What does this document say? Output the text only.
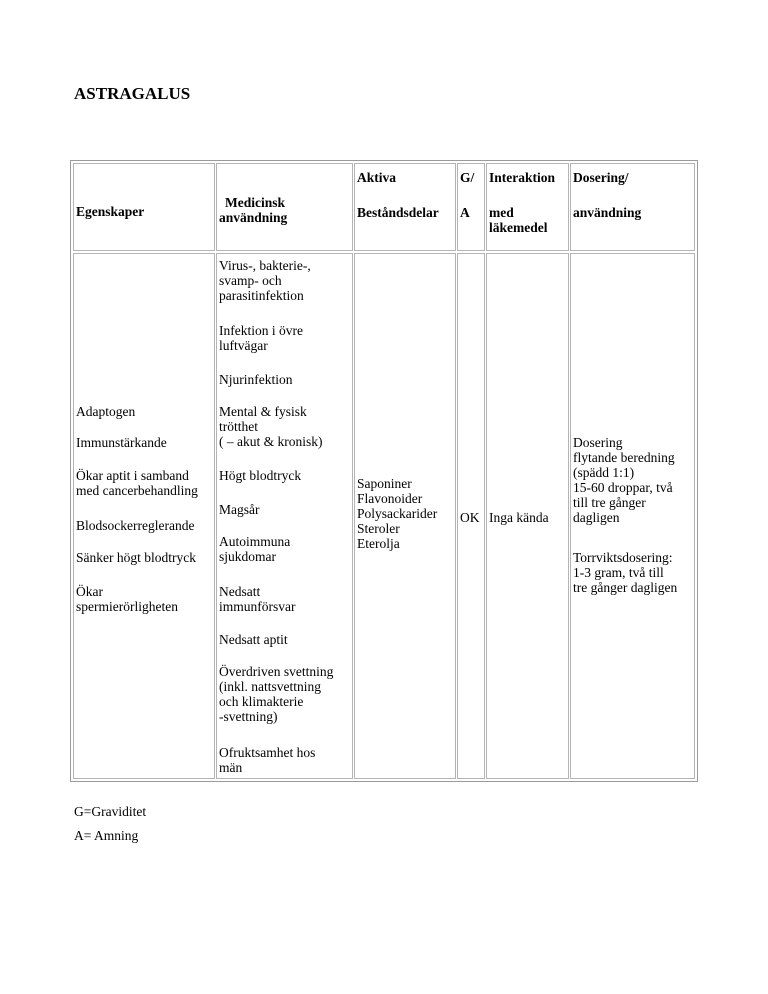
ASTRAGALUS
Egenskaper
Medicinsk
användning
Aktiva
Beståndsdelar
G/
A
Interaktion
med
läkemedel
Dosering/
användning
Adaptogen
Immunstärkande
Ökar aptit i samband
med cancerbehandling
Blodsockerreglerande
Sänker högt blodtryck
Ökar
spermierörligheten
Virus-, bakterie-,
svamp- och
parasitinfektion
Infektion i övre
luftvägar
Njurinfektion
Mental & fysisk
trötthet
( – akut & kronisk)
Högt blodtryck
Magsår
Autoimmuna
sjukdomar
Nedsatt
immunförsvar
Nedsatt aptit
Överdriven svettning
(inkl. nattsvettning
och klimakterie
-svettning)
Ofruktsamhet hos
män
Saponiner
Flavonoider
Polysackarider
Steroler
Eterolja
OK Inga kända
Dosering
flytande beredning
(spädd 1:1)
15-60 droppar, två
till tre gånger
dagligen
Torrviktsdosering:
1-3 gram, två till
tre gånger dagligen
G=Graviditet
A= Amning
